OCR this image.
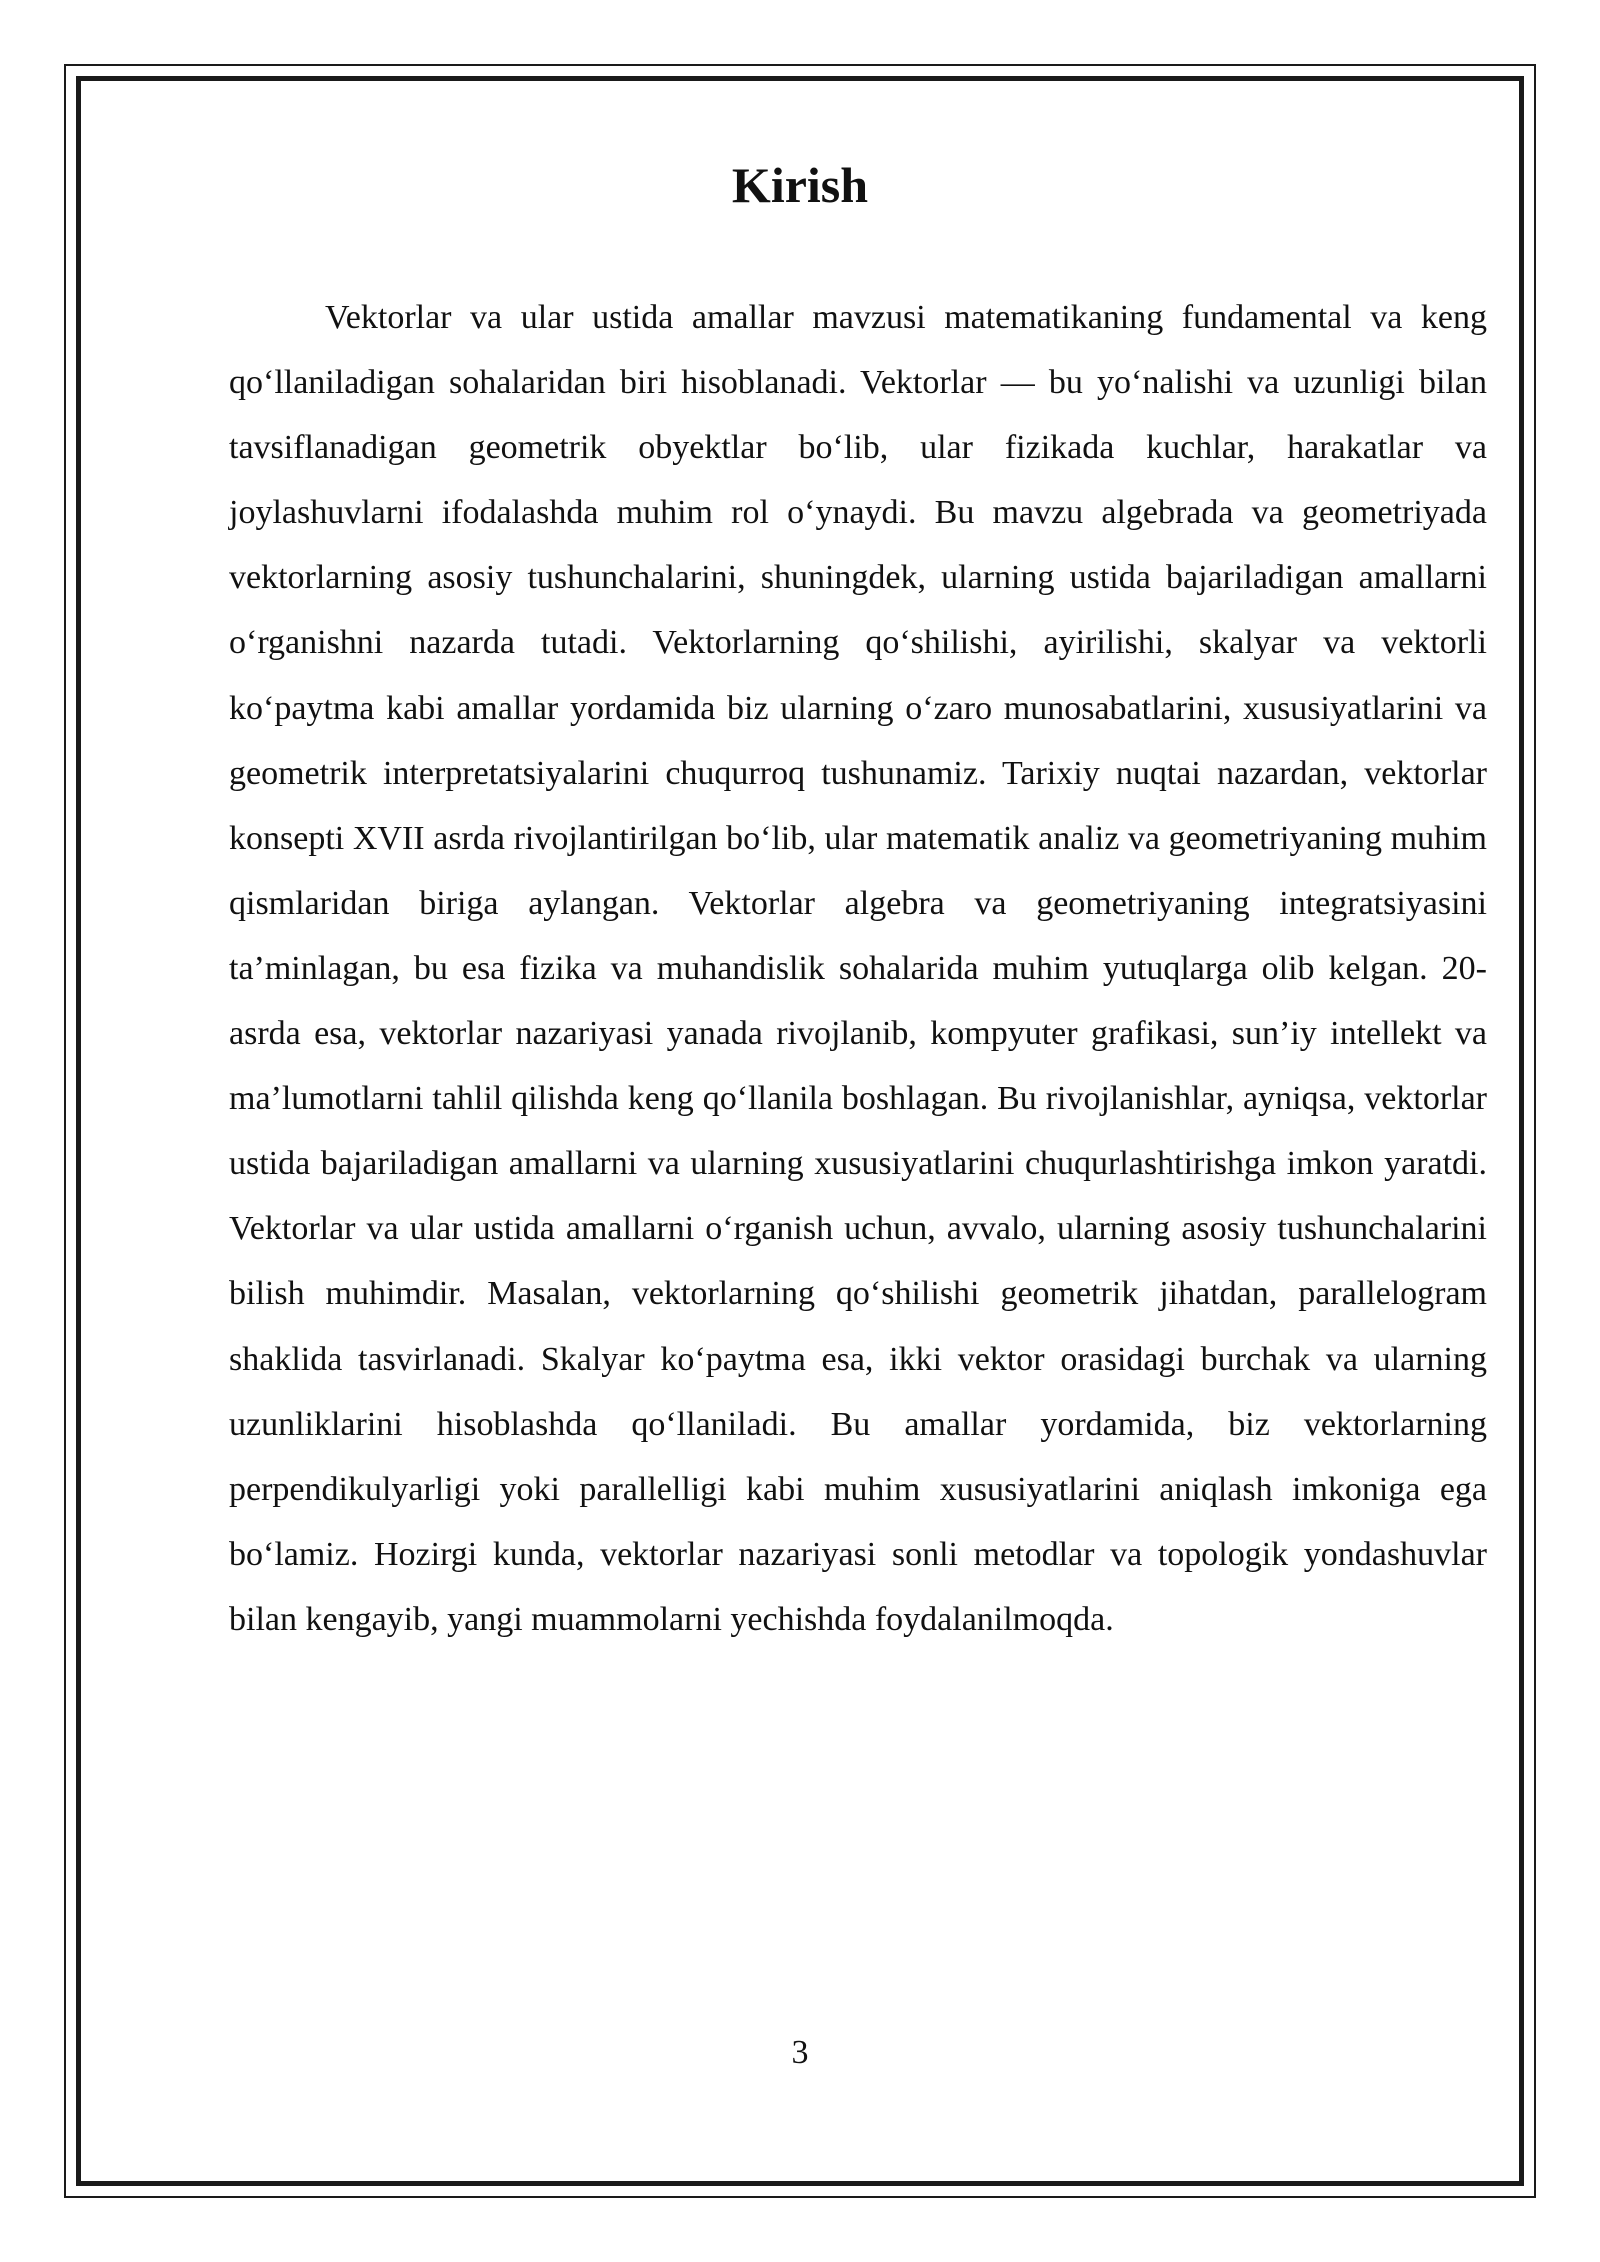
Kirish

Vektorlar va ular ustida amallar mavzusi matematikaning fundamental va keng qo‘llaniladigan sohalaridan biri hisoblanadi. Vektorlar — bu yo‘nalishi va uzunligi bilan tavsiflanadigan geometrik obyektlar bo‘lib, ular fizikada kuchlar, harakatlar va joylashuvlarni ifodalashda muhim rol o‘ynaydi. Bu mavzu algebrada va geometriyada vektorlarning asosiy tushunchalarini, shuningdek, ularning ustida bajariladigan amallarni o‘rganishni nazarda tutadi. Vektorlarning qo‘shilishi, ayirilishi, skalyar va vektorli ko‘paytma kabi amallar yordamida biz ularning o‘zaro munosabatlarini, xususiyatlarini va geometrik interpretatsiyalarini chuqurroq tushunamiz. Tarixiy nuqtai nazardan, vektorlar konsepti XVII asrda rivojlantirilgan bo‘lib, ular matematik analiz va geometriyaning muhim qismlaridan biriga aylangan. Vektorlar algebra va geometriyaning integratsiyasini ta’minlagan, bu esa fizika va muhandislik sohalarida muhim yutuqlarga olib kelgan. 20-asrda esa, vektorlar nazariyasi yanada rivojlanib, kompyuter grafikasi, sun’iy intellekt va ma’lumotlarni tahlil qilishda keng qo‘llanila boshlagan. Bu rivojlanishlar, ayniqsa, vektorlar ustida bajariladigan amallarni va ularning xususiyatlarini chuqurlashtirishga imkon yaratdi. Vektorlar va ular ustida amallarni o‘rganish uchun, avvalo, ularning asosiy tushunchalarini bilish muhimdir. Masalan, vektorlarning qo‘shilishi geometrik jihatdan, parallelogram shaklida tasvirlanadi. Skalyar ko‘paytma esa, ikki vektor orasidagi burchak va ularning uzunliklarini hisoblashda qo‘llaniladi. Bu amallar yordamida, biz vektorlarning perpendikulyarligi yoki parallelligi kabi muhim xususiyatlarini aniqlash imkoniga ega bo‘lamiz. Hozirgi kunda, vektorlar nazariyasi sonli metodlar va topologik yondashuvlar bilan kengayib, yangi muammolarni yechishda foydalanilmoqda.

3
